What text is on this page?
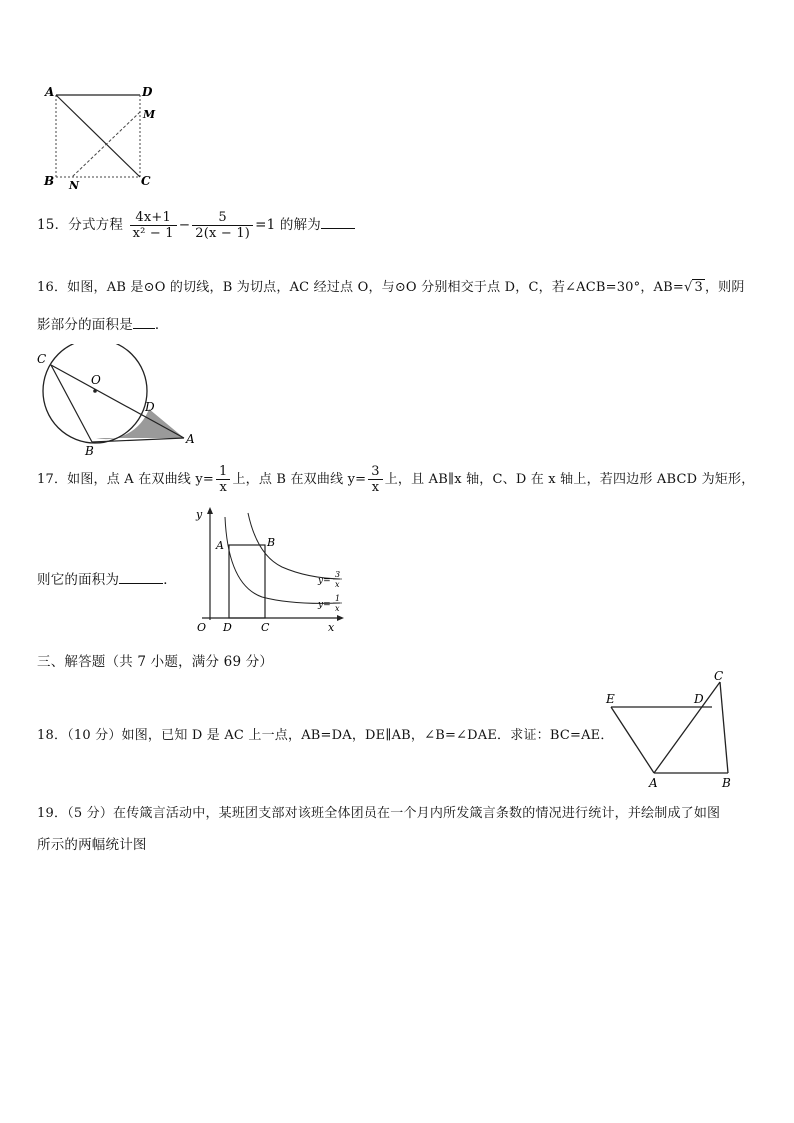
A	D
M
B N	C
15．分式方程 $\frac{4x+1}{\text{x² − 1}} - \frac{5}{2(x - 1)} =1$ 的解为
16．如图，AB 是⊙O 的切线，B 为切点，AC 经过点 O，与⊙O 分别相交于点 D，C，若∠ACB=30°，AB=√ 3 ，则阴
影部分的面积是 ．
C
O
D
B
A
17．如图，点 A 在双曲线 $y= \frac{1}{x}$ 上，点 B 在双曲线 $y= \frac{3}{x}$ 上，且 AB∥x 轴，C、D 在 x 轴上，若四边形 ABCD 为矩形，
则它的面积为	．
y
x
O D	C
A	B
y=
3
x
y=
1
x
三、解答题（共 7 小题，满分 69 分）
18．（10 分）如图，已知 D 是 AC 上一点，AB=DA，DE∥AB，∠B=∠DAE．求证：BC=AE．
E	D
C
A	B
19．（5 分）在传箴言活动中，某班团支部对该班全体团员在一个月内所发箴言条数的情况进行统计，并绘制成了如图
所示的两幅统计图
